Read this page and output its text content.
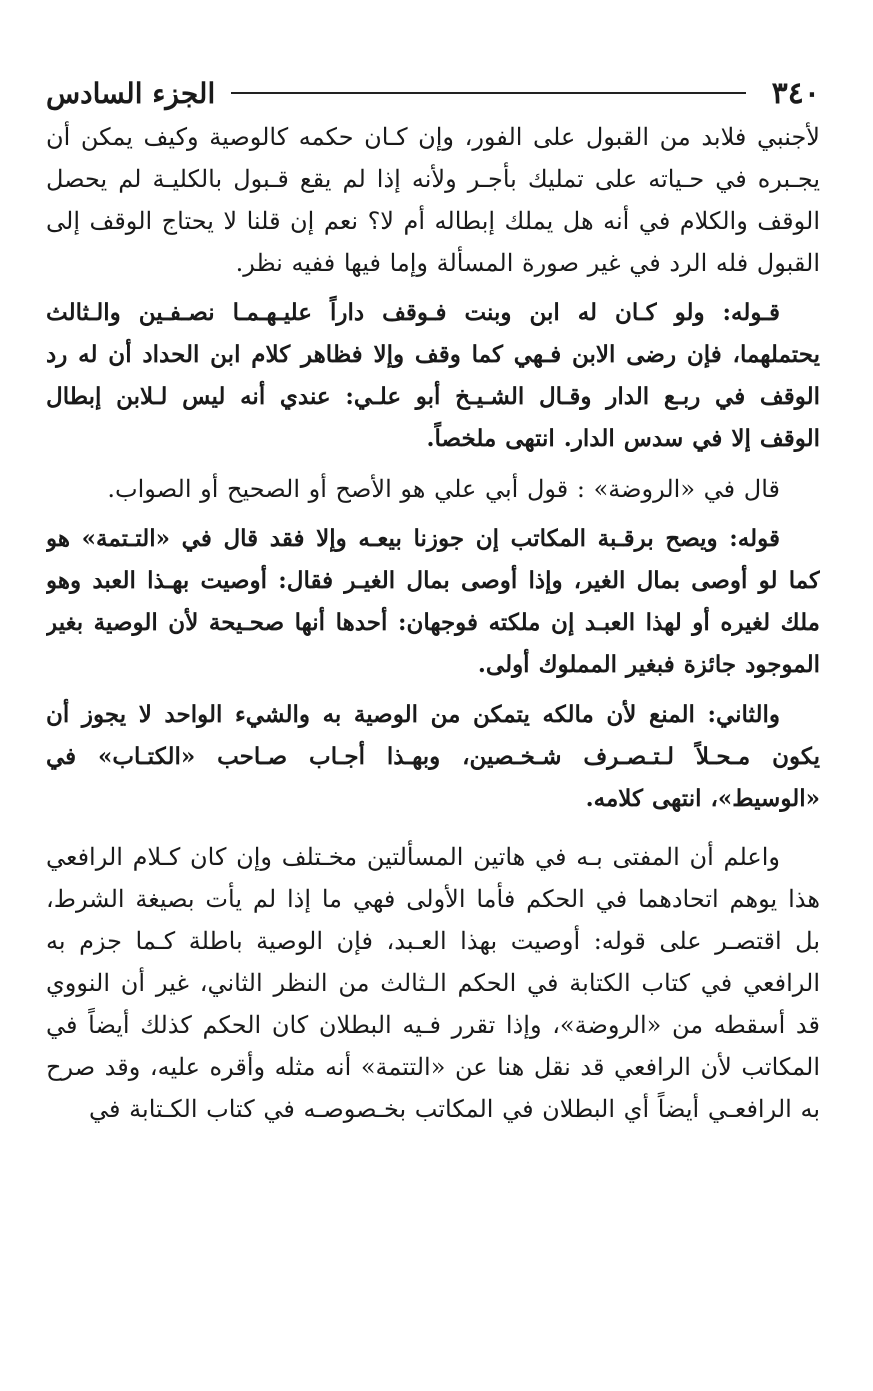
٣٤٠
الجزء السادس

لأجنبي فلابد من القبول على الفور، وإن كـان حكمه كالوصية وكيف يمكن أن يجـبره في حـياته على تمليك بأجـر ولأنه إذا لم يقع قـبول بالكليـة لم يحصل الوقف والكلام في أنه هل يملك إبطاله أم لا؟ نعم إن قلنا لا يحتاج الوقف إلى القبول فله الرد في غير صورة المسألة وإما فيها ففيه نظر.

قـوله: ولو كـان له ابن وبنت فـوقف داراً عليـهـمـا نصـفـين والـثالث يحتملهما، فإن رضى الابن فـهي كما وقف وإلا فظاهر كلام ابن الحداد أن له رد الوقف في ربـع الدار وقـال الشـيـخ أبو علـي: عندي أنه ليس لـلابن إبطال الوقف إلا في سدس الدار. انتهى ملخصاً.

قال في «الروضة» : قول أبي علي هو الأصح أو الصحيح أو الصواب.

قوله: ويصح برقـبة المكاتب إن جوزنا بيعـه وإلا فقد قال في «التـتمة» هو كما لو أوصى بمال الغير، وإذا أوصى بمال الغيـر فقال: أوصيت بهـذا العبد وهو ملك لغيره أو لهذا العبـد إن ملكته فوجهان: أحدها أنها صحـيحة لأن الوصية بغير الموجود جائزة فبغير المملوك أولى.

والثاني: المنع لأن مالكه يتمكن من الوصية به والشيء الواحد لا يجوز أن يكون مـحـلاً لـتـصـرف شـخـصين، وبهـذا أجـاب صـاحب «الكتـاب» في «الوسيط»، انتهى كلامه.

واعلم أن المفتى بـه في هاتين المسألتين مخـتلف وإن كان كـلام الرافعي هذا يوهم اتحادهما في الحكم فأما الأولى فهي ما إذا لم يأت بصيغة الشرط، بل اقتصـر على قوله: أوصيت بهذا العـبد، فإن الوصية باطلة كـما جزم به الرافعي في كتاب الكتابة في الحكم الـثالث من النظر الثاني، غير أن النووي قد أسقطه من «الروضة»، وإذا تقرر فـيه البطلان كان الحكم كذلك أيضاً في المكاتب لأن الرافعي قد نقل هنا عن «التتمة» أنه مثله وأقره عليه، وقد صرح به الرافعـي أيضاً أي البطلان في المكاتب بخـصوصـه في كتاب الكـتابة في
